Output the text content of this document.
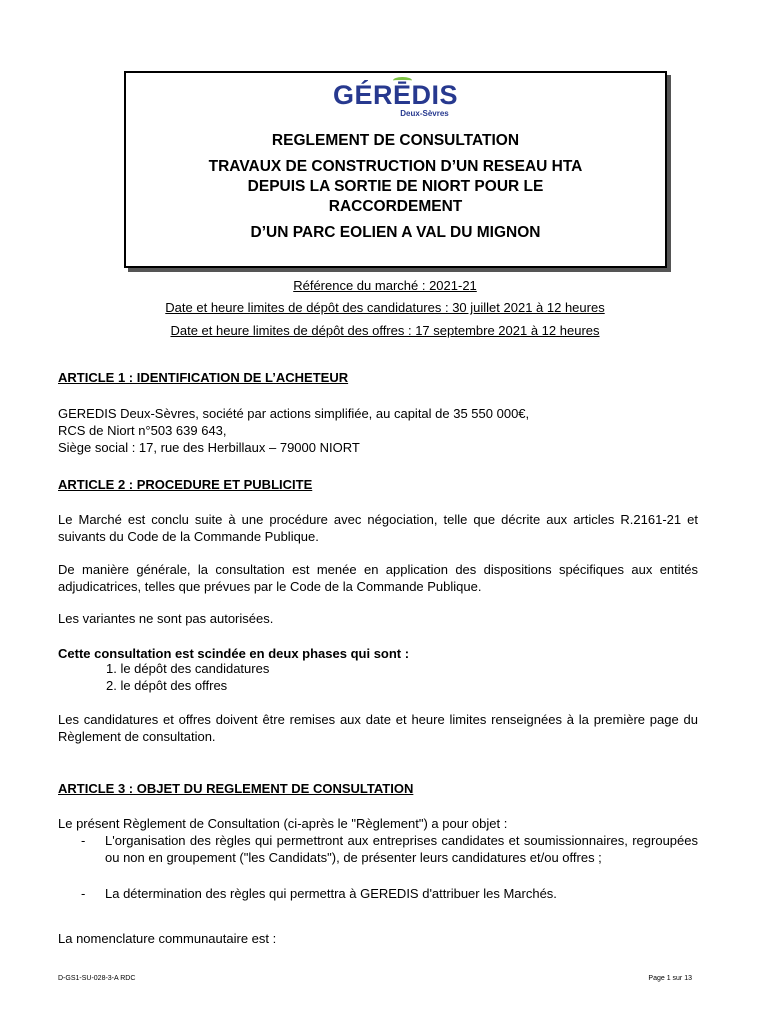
GÉRĒDIS
Deux-Sèvres
REGLEMENT DE CONSULTATION
TRAVAUX DE CONSTRUCTION D’UN RESEAU HTA
DEPUIS LA SORTIE DE NIORT POUR LE
RACCORDEMENT
D’UN PARC EOLIEN A VAL DU MIGNON
Référence du marché : 2021-21
Date et heure limites de dépôt des candidatures : 30 juillet 2021 à 12 heures
Date et heure limites de dépôt des offres : 17 septembre 2021 à 12 heures
ARTICLE 1 : IDENTIFICATION DE L’ACHETEUR
GEREDIS Deux-Sèvres, société par actions simplifiée, au capital de 35 550 000€,
RCS de Niort n°503 639 643,
Siège social : 17, rue des Herbillaux – 79000 NIORT
ARTICLE 2 : PROCEDURE ET PUBLICITE
Le Marché est conclu suite à une procédure avec négociation, telle que décrite aux articles R.2161-21 et suivants du Code de la Commande Publique.
De manière générale, la consultation est menée en application des dispositions spécifiques aux entités adjudicatrices, telles que prévues par le Code de la Commande Publique.
Les variantes ne sont pas autorisées.
Cette consultation est scindée en deux phases qui sont :
1. le dépôt des candidatures
2. le dépôt des offres
Les candidatures et offres doivent être remises aux date et heure limites renseignées à la première page du Règlement de consultation.
ARTICLE 3 : OBJET DU REGLEMENT DE CONSULTATION
Le présent Règlement de Consultation (ci-après le "Règlement") a pour objet :
- L'organisation des règles qui permettront aux entreprises candidates et soumissionnaires, regroupées ou non en groupement ("les Candidats"), de présenter leurs candidatures et/ou offres ;
- La détermination des règles qui permettra à GEREDIS d'attribuer les Marchés.
La nomenclature communautaire est :
D-GS1-SU-028-3-A RDC	Page 1 sur 13
